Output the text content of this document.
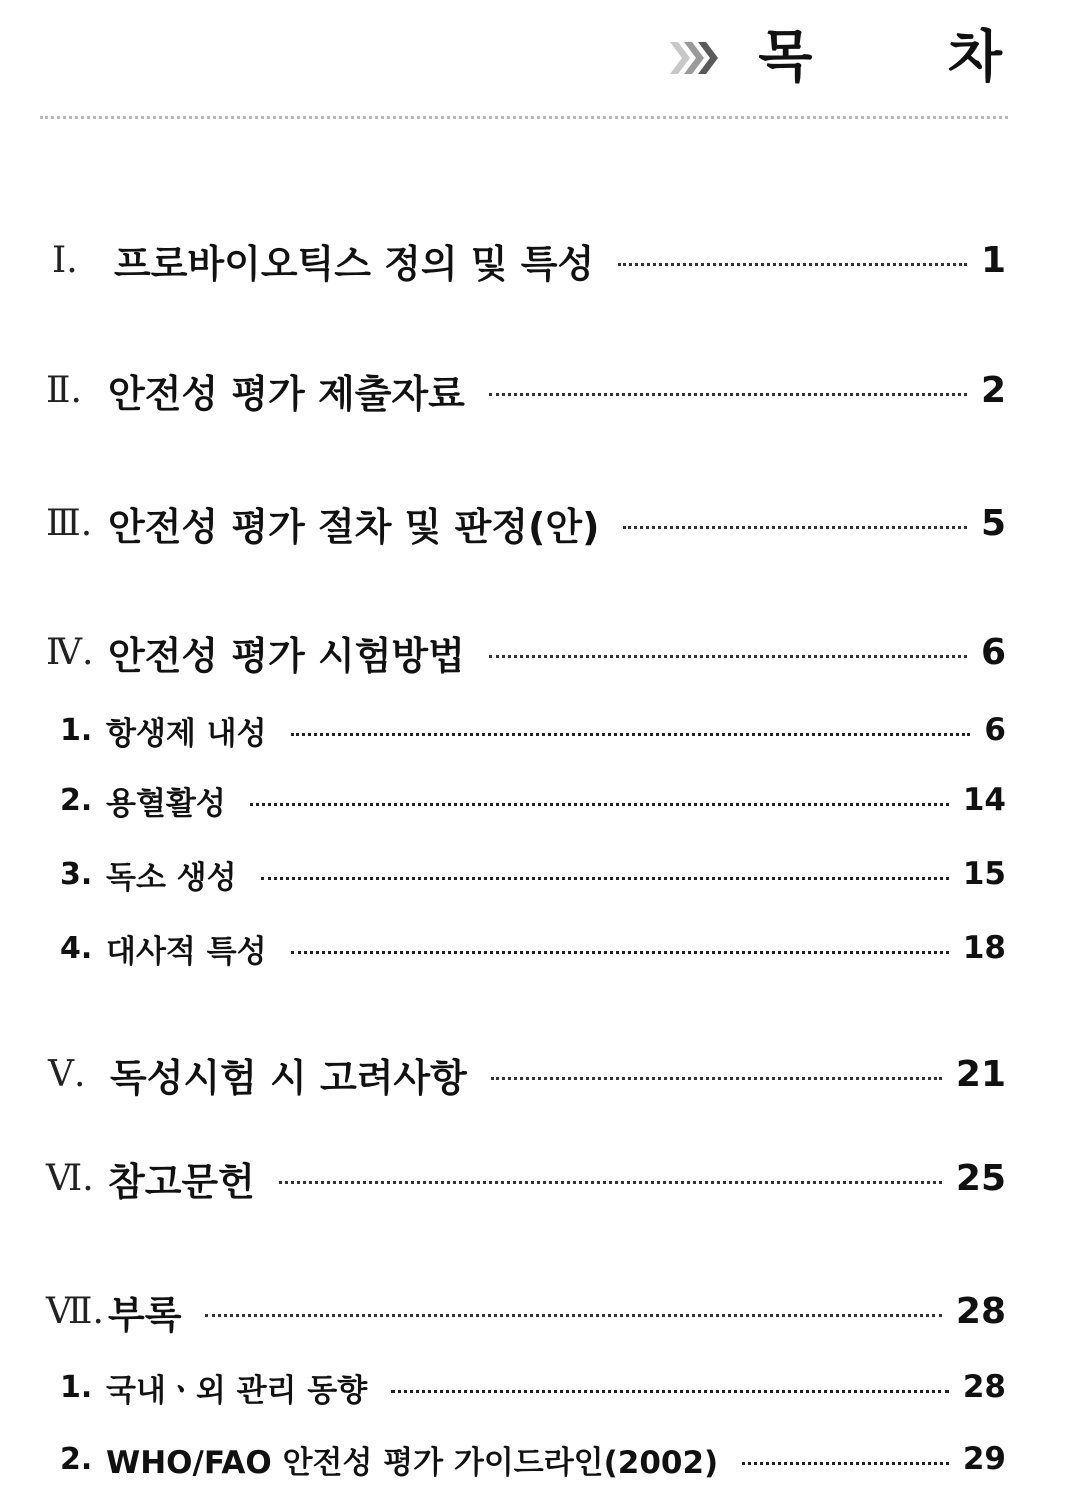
목 차
Ⅰ. 프로바이오틱스 정의 및 특성	1
Ⅱ. 안전성 평가 제출자료	2
Ⅲ. 안전성 평가 절차 및 판정(안)	5
Ⅳ. 안전성 평가 시험방법	6
1. 항생제 내성	6
2. 용혈활성	14
3. 독소 생성	15
4. 대사적 특성	18
Ⅴ. 독성시험 시 고려사항	21
Ⅵ. 참고문헌	25
Ⅶ. 부록	28
1. 국내ㆍ외 관리 동향	28
2. WHO/FAO 안전성 평가 가이드라인(2002)	29
